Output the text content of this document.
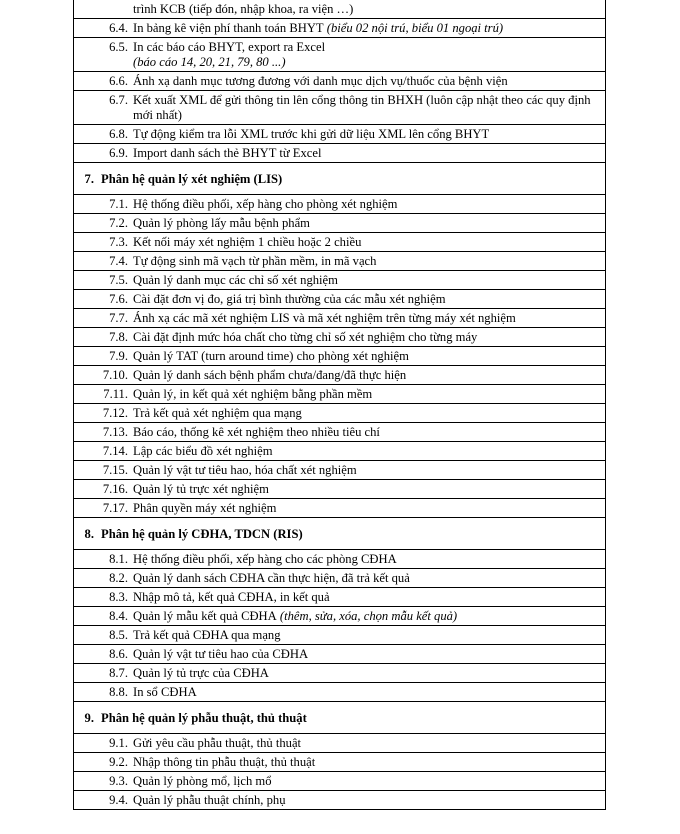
trình KCB (tiếp đón, nhập khoa, ra viện …)
6.4. In bảng kê viện phí thanh toán BHYT (biểu 02 nội trú, biểu 01 ngoại trú)
6.5. In các báo cáo BHYT, export ra Excel
(báo cáo 14, 20, 21, 79, 80 ...)
6.6. Ánh xạ danh mục tương đương với danh mục dịch vụ/thuốc của bệnh viện
6.7. Kết xuất XML để gửi thông tin lên cổng thông tin BHXH (luôn cập nhật theo các quy định mới nhất)
6.8. Tự động kiểm tra lỗi XML trước khi gửi dữ liệu XML lên cổng BHYT
6.9. Import danh sách thẻ BHYT từ Excel
7. Phân hệ quản lý xét nghiệm (LIS)
7.1. Hệ thống điều phối, xếp hàng cho phòng xét nghiệm
7.2. Quản lý phòng lấy mẫu bệnh phẩm
7.3. Kết nối máy xét nghiệm 1 chiều hoặc 2 chiều
7.4. Tự động sinh mã vạch từ phần mềm, in mã vạch
7.5. Quản lý danh mục các chỉ số xét nghiệm
7.6. Cài đặt đơn vị đo, giá trị bình thường của các mẫu xét nghiệm
7.7. Ánh xạ các mã xét nghiệm LIS và mã xét nghiệm trên từng máy xét nghiệm
7.8. Cài đặt định mức hóa chất cho từng chỉ số xét nghiệm cho từng máy
7.9. Quản lý TAT (turn around time) cho phòng xét nghiệm
7.10. Quản lý danh sách bệnh phẩm chưa/đang/đã thực hiện
7.11. Quản lý, in kết quả xét nghiệm bằng phần mềm
7.12. Trả kết quả xét nghiệm qua mạng
7.13. Báo cáo, thống kê xét nghiệm theo nhiều tiêu chí
7.14. Lập các biểu đồ xét nghiệm
7.15. Quản lý vật tư tiêu hao, hóa chất xét nghiệm
7.16. Quản lý tủ trực xét nghiệm
7.17. Phân quyền máy xét nghiệm
8. Phân hệ quản lý CĐHA, TDCN (RIS)
8.1. Hệ thống điều phối, xếp hàng cho các phòng CĐHA
8.2. Quản lý danh sách CĐHA cần thực hiện, đã trả kết quả
8.3. Nhập mô tả, kết quả CĐHA, in kết quả
8.4. Quản lý mẫu kết quả CĐHA (thêm, sửa, xóa, chọn mẫu kết quả)
8.5. Trả kết quả CĐHA qua mạng
8.6. Quản lý vật tư tiêu hao của CĐHA
8.7. Quản lý tủ trực của CĐHA
8.8. In sổ CĐHA
9. Phân hệ quản lý phẫu thuật, thủ thuật
9.1. Gửi yêu cầu phẫu thuật, thủ thuật
9.2. Nhập thông tin phẫu thuật, thủ thuật
9.3. Quản lý phòng mổ, lịch mổ
9.4. Quản lý phẫu thuật chính, phụ
